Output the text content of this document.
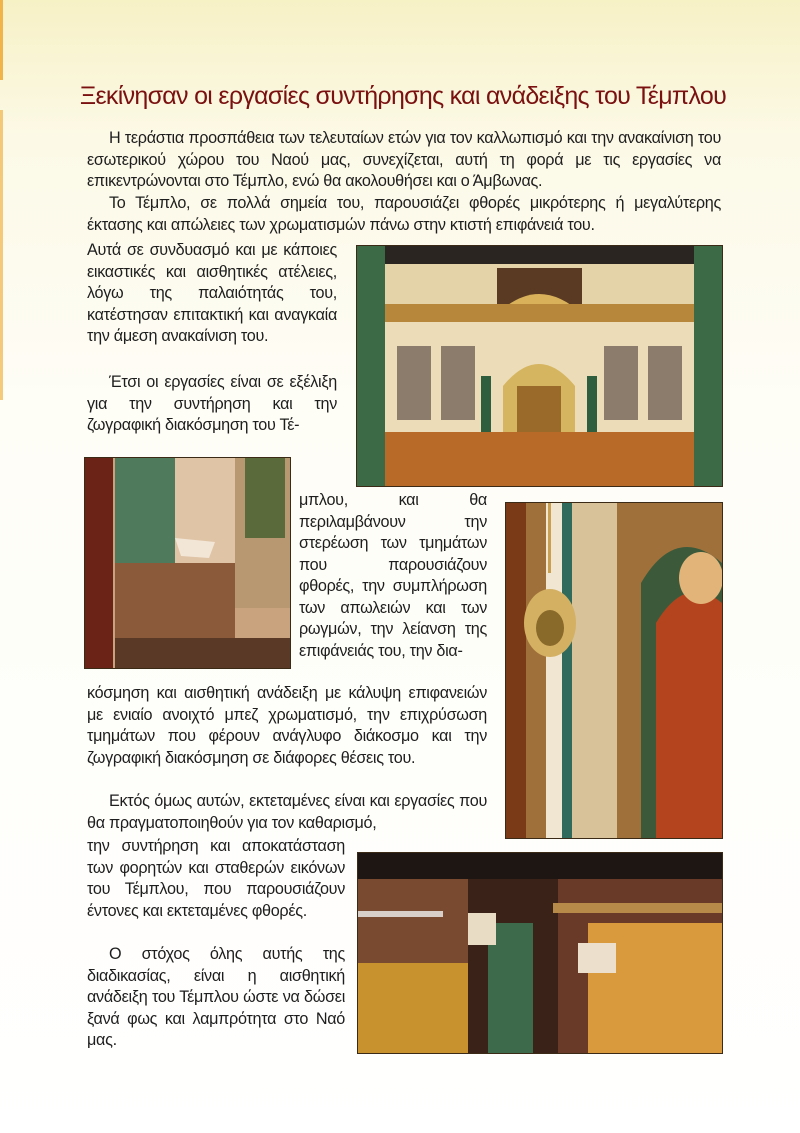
Ξεκίνησαν οι εργασίες συντήρησης και ανάδειξης του Τέμπλου

Η τεράστια προσπάθεια των τελευταίων ετών για τον καλλωπισμό και την ανακαίνιση του εσωτερικού χώρου του Ναού μας, συνεχίζεται, αυτή τη φορά με τις εργασίες να επικεντρώνονται στο Τέμπλο, ενώ θα ακολουθήσει και ο Άμβωνας.

Το Τέμπλο, σε πολλά σημεία του, παρουσιάζει φθορές μικρότερης ή μεγαλύτερης έκτασης και απώλειες των χρωματισμών πάνω στην κτιστή επιφάνειά του.

Αυτά σε συνδυασμό και με κάποιες εικαστικές και αισθητικές ατέλειες, λόγω της παλαιότητάς του, κατέστησαν επιτακτική και αναγκαία την άμεση ανακαίνιση του.

Έτσι οι εργασίες είναι σε εξέλιξη για την συντήρηση και την ζωγραφική διακόσμηση του Τέ-

μπλου, και θα περιλαμβάνουν την στερέωση των τμημάτων που παρουσιάζουν φθορές, την συμπλήρωση των απωλειών και των ρωγμών, την λείανση της επιφάνειάς του, την δια-

κόσμηση και αισθητική ανάδειξη με κάλυψη επιφανειών με ενιαίο ανοιχτό μπεζ χρωματισμό, την επιχρύσωση τμημάτων που φέρουν ανάγλυφο διάκοσμο και την ζωγραφική διακόσμηση σε διάφορες θέσεις του.

Εκτός όμως αυτών, εκτεταμένες είναι και εργασίες που θα πραγματοποιηθούν για τον καθαρισμό,

την συντήρηση και αποκατάσταση των φορητών και σταθερών εικόνων του Τέμπλου, που παρουσιάζουν έντονες και εκτεταμένες φθορές.

Ο στόχος όλης αυτής της διαδικασίας, είναι η αισθητική ανάδειξη του Τέμπλου ώστε να δώσει ξανά φως και λαμπρότητα στο Ναό μας.
